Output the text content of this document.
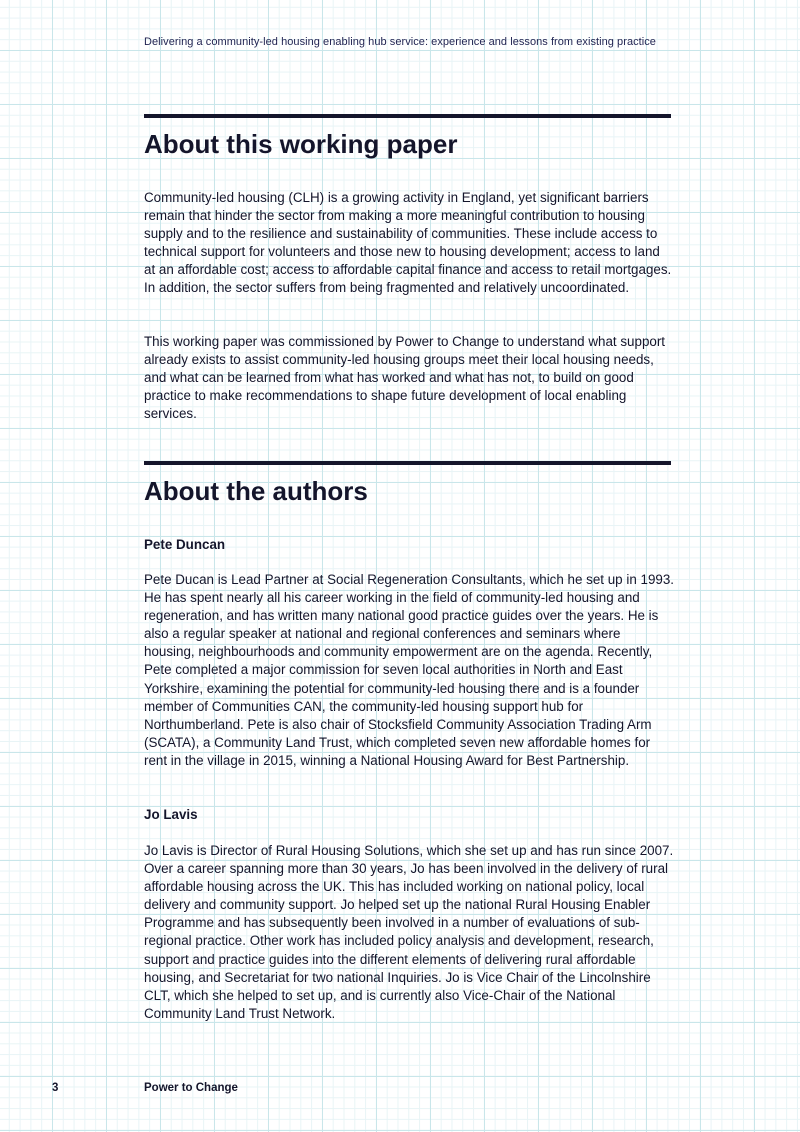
Delivering a community-led housing enabling hub service: experience and lessons from existing practice
About this working paper

Community-led housing (CLH) is a growing activity in England, yet significant barriers remain that hinder the sector from making a more meaningful contribution to housing supply and to the resilience and sustainability of communities. These include access to technical support for volunteers and those new to housing development; access to land at an affordable cost; access to affordable capital finance and access to retail mortgages. In addition, the sector suffers from being fragmented and relatively uncoordinated.

This working paper was commissioned by Power to Change to understand what support already exists to assist community-led housing groups meet their local housing needs, and what can be learned from what has worked and what has not, to build on good practice to make recommendations to shape future development of local enabling services.

About the authors
Pete Duncan

Pete Ducan is Lead Partner at Social Regeneration Consultants, which he set up in 1993. He has spent nearly all his career working in the field of community-led housing and regeneration, and has written many national good practice guides over the years. He is also a regular speaker at national and regional conferences and seminars where housing, neighbourhoods and community empowerment are on the agenda. Recently, Pete completed a major commission for seven local authorities in North and East Yorkshire, examining the potential for community-led housing there and is a founder member of Communities CAN, the community-led housing support hub for Northumberland. Pete is also chair of Stocksfield Community Association Trading Arm (SCATA), a Community Land Trust, which completed seven new affordable homes for rent in the village in 2015, winning a National Housing Award for Best Partnership.

Jo Lavis

Jo Lavis is Director of Rural Housing Solutions, which she set up and has run since 2007. Over a career spanning more than 30 years, Jo has been involved in the delivery of rural affordable housing across the UK. This has included working on national policy, local delivery and community support. Jo helped set up the national Rural Housing Enabler Programme and has subsequently been involved in a number of evaluations of sub-regional practice. Other work has included policy analysis and development, research, support and practice guides into the different elements of delivering rural affordable housing, and Secretariat for two national Inquiries. Jo is Vice Chair of the Lincolnshire CLT, which she helped to set up, and is currently also Vice-Chair of the National Community Land Trust Network.

3	Power to Change
